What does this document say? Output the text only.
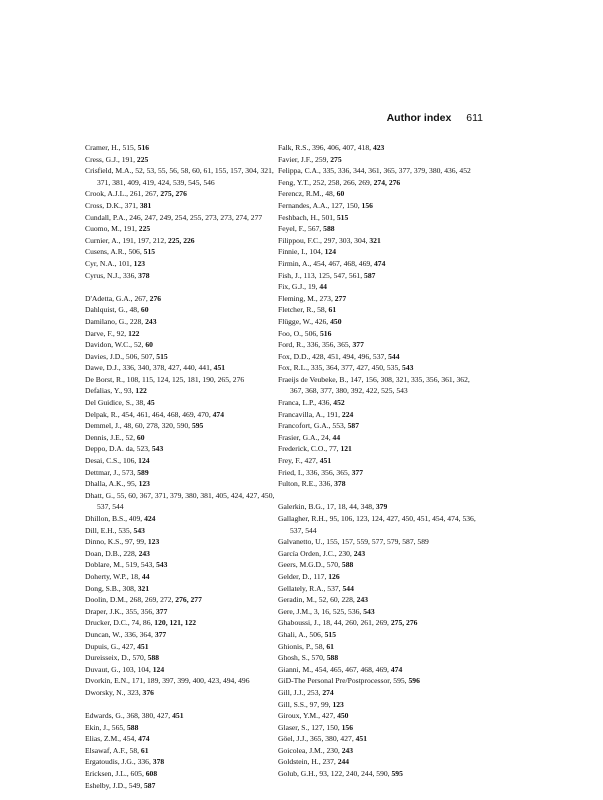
Author index 611
Cramer, H., 515, 516
Cress, G.J., 191, 225
Crisfield, M.A., 52, 53, 55, 56, 58, 60, 61, 155, 157, 304, 321, 371, 381, 409, 419, 424, 539, 545, 546
Crook, A.J.L., 261, 267, 275, 276
Cross, D.K., 371, 381
Cundall, P.A., 246, 247, 249, 254, 255, 273, 273, 274, 277
Cuomo, M., 191, 225
Curnier, A., 191, 197, 212, 225, 226
Cusens, A.R., 506, 515
Cyr, N.A., 101, 123
Cyrus, N.J., 336, 378
D'Adetta, G.A., 267, 276
Dahlquist, G., 48, 60
Damilano, G., 228, 243
Darve, F., 92, 122
Davidon, W.C., 52, 60
Davies, J.D., 506, 507, 515
Dawe, D.J., 336, 340, 378, 427, 440, 441, 451
De Borst, R., 108, 115, 124, 125, 181, 190, 265, 276
Defalias, Y., 93, 122
Del Guidice, S., 38, 45
Delpak, R., 454, 461, 464, 468, 469, 470, 474
Demmel, J., 48, 60, 278, 320, 590, 595
Dennis, J.E., 52, 60
Deppo, D.A. da, 523, 543
Desai, C.S., 106, 124
Dettmar, J., 573, 589
Dhalla, A.K., 95, 123
Dhatt, G., 55, 60, 367, 371, 379, 380, 381, 405, 424, 427, 450, 537, 544
Dhillon, B.S., 409, 424
Dill, E.H., 535, 543
Dinno, K.S., 97, 99, 123
Doan, D.B., 228, 243
Doblare, M., 519, 543, 543
Doherty, W.P., 18, 44
Dong, S.B., 308, 321
Doolin, D.M., 268, 269, 272, 276, 277
Draper, J.K., 355, 356, 377
Drucker, D.C., 74, 86, 120, 121, 122
Duncan, W., 336, 364, 377
Dupuis, G., 427, 451
Dureisseix, D., 570, 588
Duvaut, G., 103, 104, 124
Dvorkin, E.N., 171, 189, 397, 399, 400, 423, 494, 496
Dworsky, N., 323, 376
Edwards, G., 368, 380, 427, 451
Ekin, J., 565, 588
Elias, Z.M., 454, 474
Elsawaf, A.F., 58, 61
Ergatoudis, J.G., 336, 378
Ericksen, J.L., 605, 608
Eshelby, J.D., 549, 587
Falk, R.S., 396, 406, 407, 418, 423
Favier, J.F., 259, 275
Felippa, C.A., 335, 336, 344, 361, 365, 377, 379, 380, 436, 452
Feng, Y.T., 252, 258, 266, 269, 274, 276
Ferencz, R.M., 48, 60
Fernandes, A.A., 127, 150, 156
Feshbach, H., 501, 515
Feyel, F., 567, 588
Filippou, F.C., 297, 303, 304, 321
Finnie, I., 104, 124
Firmin, A., 454, 467, 468, 469, 474
Fish, J., 113, 125, 547, 561, 587
Fix, G.J., 19, 44
Fleming, M., 273, 277
Fletcher, R., 58, 61
Flügge, W., 426, 450
Foo, O., 506, 516
Ford, R., 336, 356, 365, 377
Fox, D.D., 428, 451, 494, 496, 537, 544
Fox, R.L., 335, 364, 377, 427, 450, 535, 543
Fraeijs de Veubeke, B., 147, 156, 308, 321, 335, 356, 361, 362, 367, 368, 377, 380, 392, 422, 525, 543
Franca, L.P., 436, 452
Francavilla, A., 191, 224
Francofort, G.A., 553, 587
Frasier, G.A., 24, 44
Frederick, C.O., 77, 121
Frey, F., 427, 451
Fried, I., 336, 356, 365, 377
Fulton, R.E., 336, 378
Galerkin, B.G., 17, 18, 44, 348, 379
Gallagher, R.H., 95, 106, 123, 124, 427, 450, 451, 454, 474, 536, 537, 544
Galvanetto, U., 155, 157, 559, 577, 579, 587, 589
García Orden, J.C., 230, 243
Geers, M.G.D., 570, 588
Gelder, D., 117, 126
Gellately, R.A., 537, 544
Geradin, M., 52, 60, 228, 243
Gere, J.M., 3, 16, 525, 536, 543
Ghaboussi, J., 18, 44, 260, 261, 269, 275, 276
Ghali, A., 506, 515
Ghionis, P., 58, 61
Ghosh, S., 570, 588
Gianni, M., 454, 465, 467, 468, 469, 474
GiD-The Personal Pre/Postprocessor, 595, 596
Gill, J.J., 253, 274
Gill, S.S., 97, 99, 123
Giroux, Y.M., 427, 450
Glaser, S., 127, 150, 156
Göel, J.J., 365, 380, 427, 451
Goicolea, J.M., 230, 243
Goldstein, H., 237, 244
Golub, G.H., 93, 122, 240, 244, 590, 595
